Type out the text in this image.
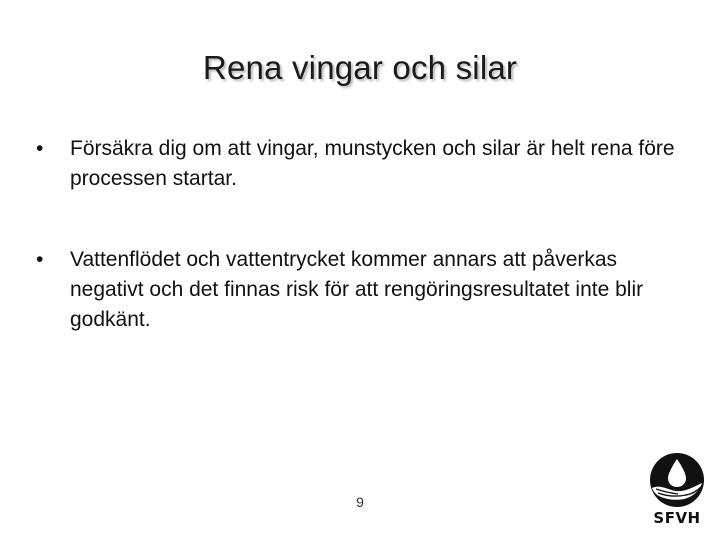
Rena vingar och silar
•	Försäkra dig om att vingar, munstycken och silar är helt rena före processen startar.
•	Vattenflödet och vattentrycket kommer annars att påverkas negativt och det finnas risk för att rengöringsresultatet inte blir godkänt.
9
SFVH
